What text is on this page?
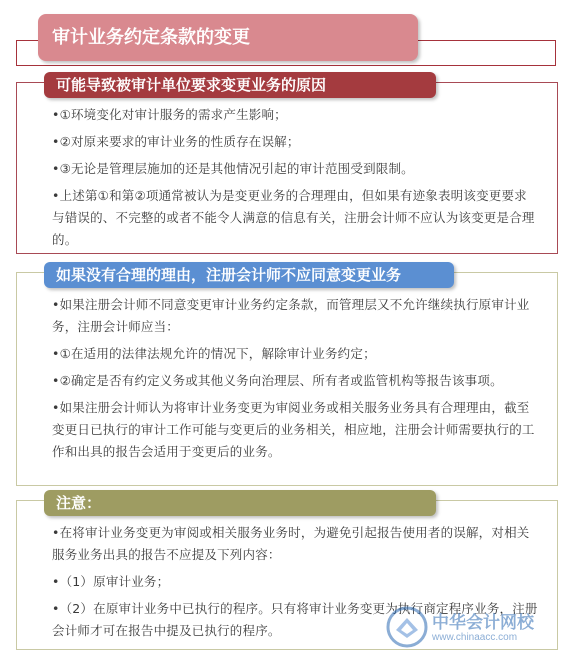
审计业务约定条款的变更
可能导致被审计单位要求变更业务的原因
•①环境变化对审计服务的需求产生影响；
•②对原来要求的审计业务的性质存在误解；
•③无论是管理层施加的还是其他情况引起的审计范围受到限制。
•上述第①和第②项通常被认为是变更业务的合理理由，但如果有迹象表明该变更要求与错误的、不完整的或者不能令人满意的信息有关，注册会计师不应认为该变更是合理的。
如果没有合理的理由，注册会计师不应同意变更业务
•如果注册会计师不同意变更审计业务约定条款，而管理层又不允许继续执行原审计业务，注册会计师应当：
•①在适用的法律法规允许的情况下，解除审计业务约定；
•②确定是否有约定义务或其他义务向治理层、所有者或监管机构等报告该事项。
•如果注册会计师认为将审计业务变更为审阅业务或相关服务业务具有合理理由，截至变更日已执行的审计工作可能与变更后的业务相关，相应地，注册会计师需要执行的工作和出具的报告会适用于变更后的业务。
注意：
•在将审计业务变更为审阅或相关服务业务时，为避免引起报告使用者的误解，对相关服务业务出具的报告不应提及下列内容：
•（1）原审计业务；
•（2）在原审计业务中已执行的程序。只有将审计业务变更为执行商定程序业务，注册会计师才可在报告中提及已执行的程序。	中华会计网校
www.chinaacc.com
